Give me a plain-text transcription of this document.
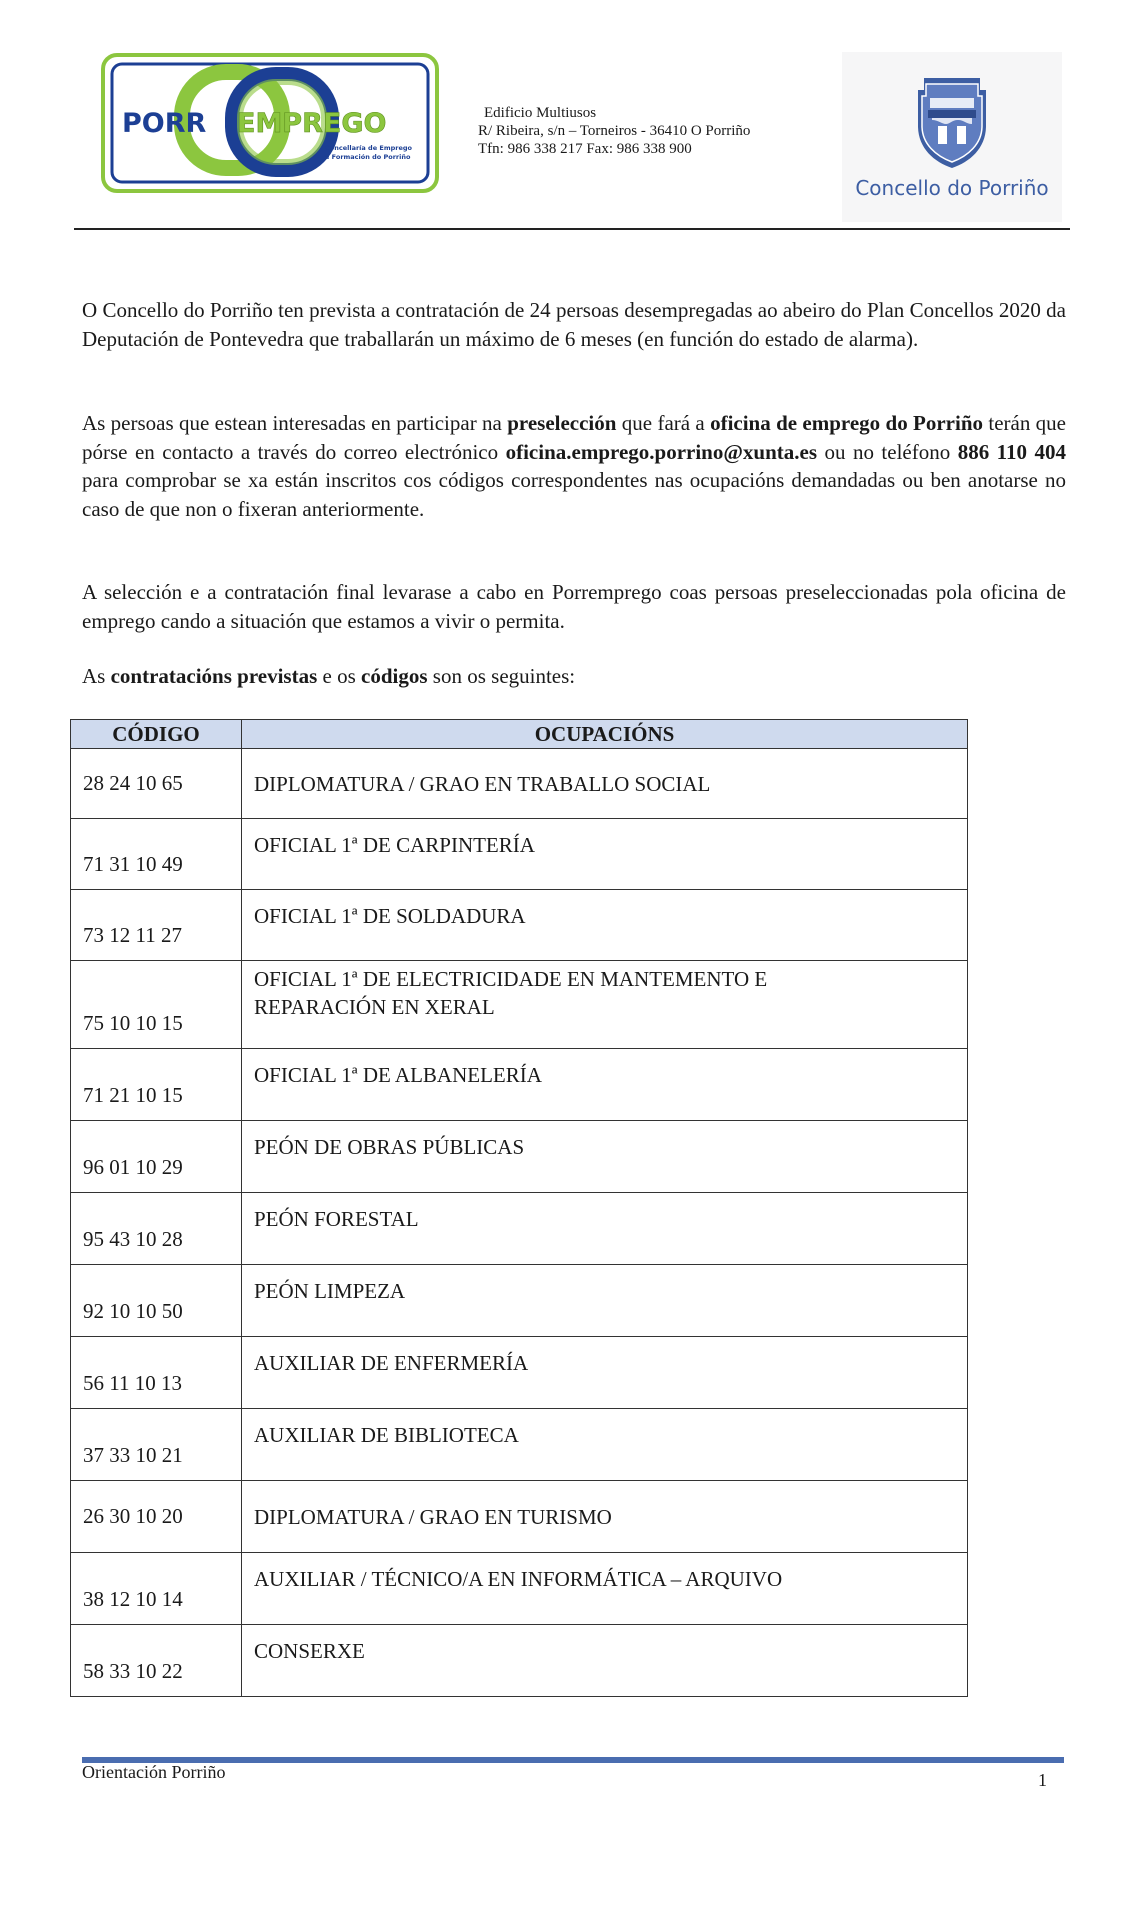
PORR EMPREGO
Concellaría de Emprego
e Formación do Porriño
Edificio Multiusos
R/ Ribeira, s/n – Torneiros - 36410 O Porriño
Tfn: 986 338 217 Fax: 986 338 900
Concello do Porriño
O Concello do Porriño ten prevista a contratación de 24 persoas desempregadas ao abeiro do Plan Concellos 2020 da Deputación de Pontevedra que traballarán un máximo de 6 meses (en función do estado de alarma).
As persoas que estean interesadas en participar na preselección que fará a oficina de emprego do Porriño terán que pórse en contacto a través do correo electrónico oficina.emprego.porrino@xunta.es ou no teléfono 886 110 404 para comprobar se xa están inscritos cos códigos correspondentes nas ocupacións demandadas ou ben anotarse no caso de que non o fixeran anteriormente.
A selección e a contratación final levarase a cabo en Porremprego coas persoas preseleccionadas pola oficina de emprego cando a situación que estamos a vivir o permita.
As contratacións previstas e os códigos son os seguintes:
CÓDIGO	OCUPACIÓNS
28 24 10 65	DIPLOMATURA / GRAO EN TRABALLO SOCIAL
71 31 10 49	OFICIAL 1ª DE CARPINTERÍA
73 12 11 27	OFICIAL 1ª DE SOLDADURA
75 10 10 15	OFICIAL 1ª DE ELECTRICIDADE EN MANTEMENTO E
REPARACIÓN EN XERAL

71 21 10 15	OFICIAL 1ª DE ALBANELERÍA
96 01 10 29	PEÓN DE OBRAS PÚBLICAS
95 43 10 28	PEÓN FORESTAL
92 10 10 50	PEÓN LIMPEZA
56 11 10 13	AUXILIAR DE ENFERMERÍA
37 33 10 21	AUXILIAR DE BIBLIOTECA
26 30 10 20	DIPLOMATURA / GRAO EN TURISMO
38 12 10 14	AUXILIAR / TÉCNICO/A EN INFORMÁTICA – ARQUIVO
58 33 10 22	CONSERXE
Orientación Porriño	1
